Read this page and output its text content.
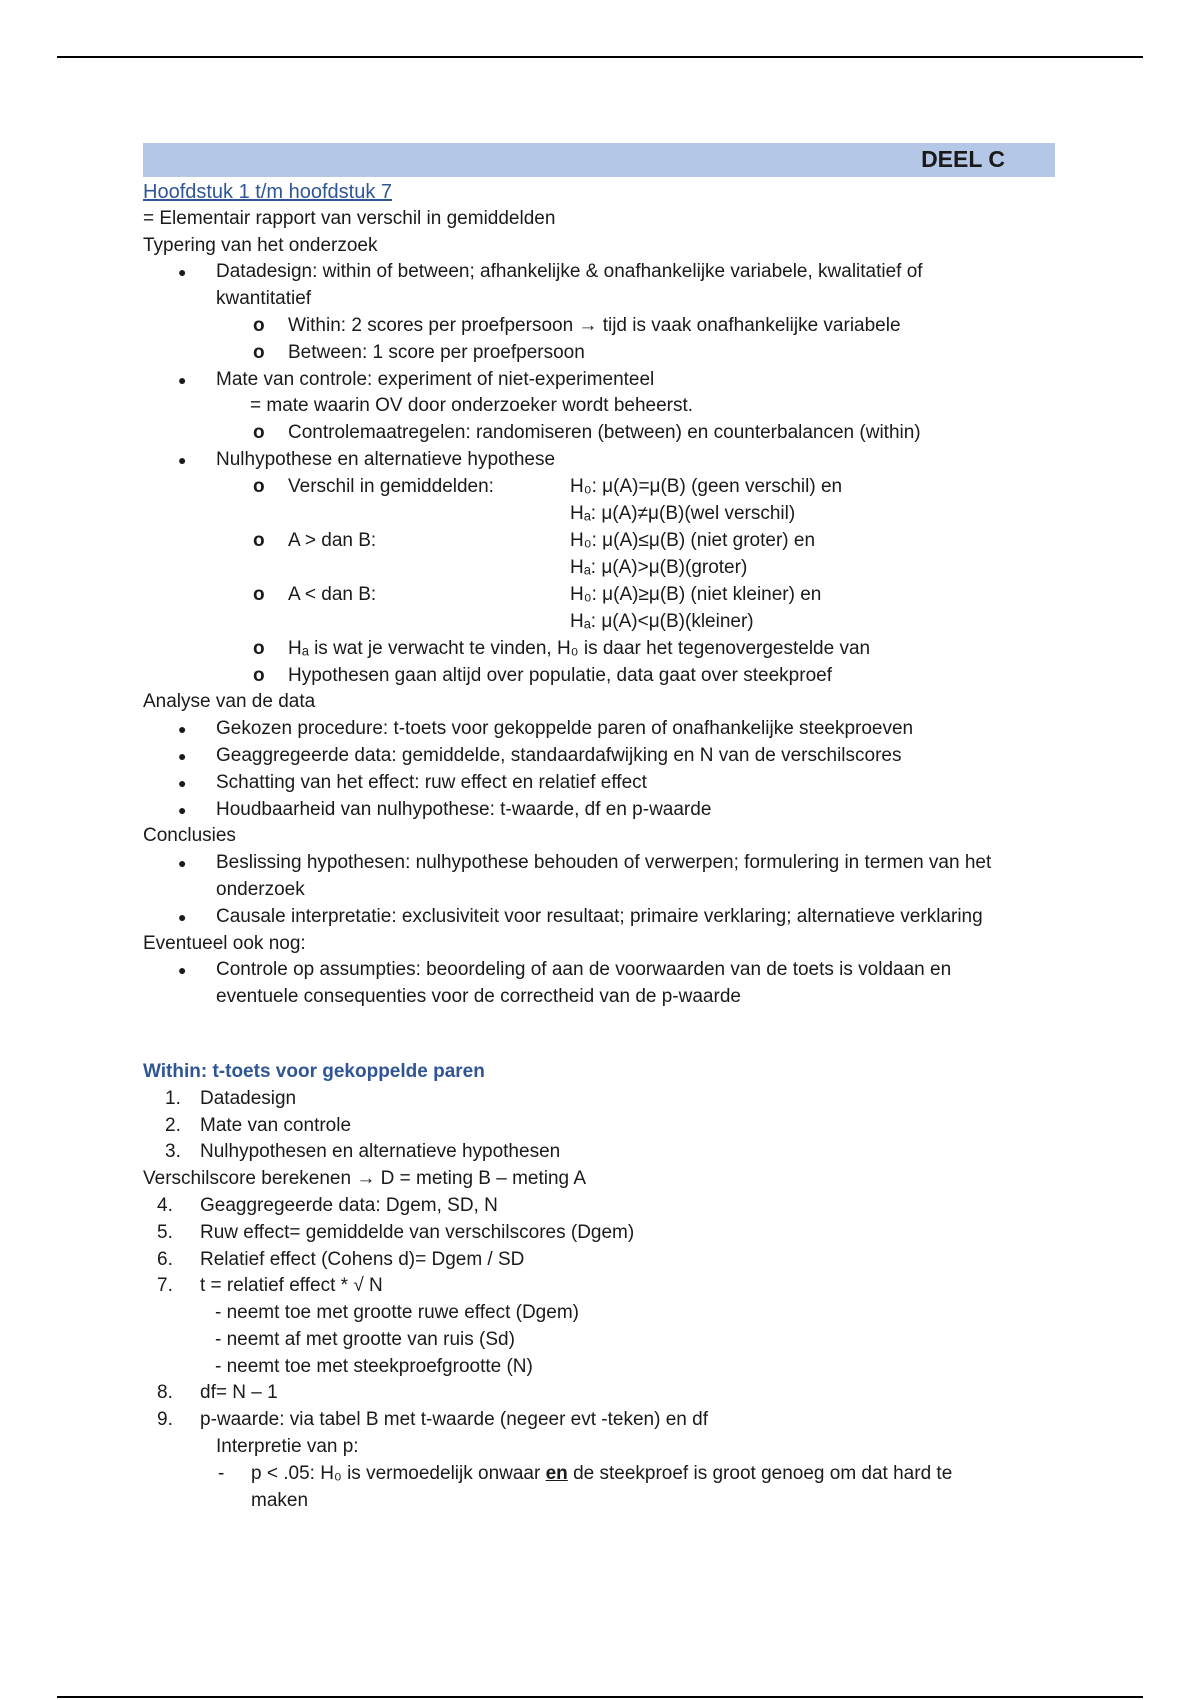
DEEL C
Hoofdstuk 1 t/m hoofdstuk 7
= Elementair rapport van verschil in gemiddelden
Typering van het onderzoek
● Datadesign: within of between; afhankelijke & onafhankelijke variabele, kwalitatief of
kwantitatief
o Within: 2 scores per proefpersoon → tijd is vaak onafhankelijke variabele
o Between: 1 score per proefpersoon
● Mate van controle: experiment of niet-experimenteel
= mate waarin OV door onderzoeker wordt beheerst.
o Controlemaatregelen: randomiseren (between) en counterbalancen (within)
● Nulhypothese en alternatieve hypothese
o Verschil in gemiddelden:	H₀: μ(A)=μ(B) (geen verschil) en
Hₐ: μ(A)≠μ(B)(wel verschil)
o A > dan B:	H₀: μ(A)≤μ(B) (niet groter) en
Hₐ: μ(A)>μ(B)(groter)
o A < dan B:	H₀: μ(A)≥μ(B) (niet kleiner) en
Hₐ: μ(A)<μ(B)(kleiner)
o Hₐ is wat je verwacht te vinden, H₀ is daar het tegenovergestelde van
o Hypothesen gaan altijd over populatie, data gaat over steekproef
Analyse van de data
● Gekozen procedure: t-toets voor gekoppelde paren of onafhankelijke steekproeven
● Geaggregeerde data: gemiddelde, standaardafwijking en N van de verschilscores
● Schatting van het effect: ruw effect en relatief effect
● Houdbaarheid van nulhypothese: t-waarde, df en p-waarde
Conclusies
● Beslissing hypothesen: nulhypothese behouden of verwerpen; formulering in termen van het
onderzoek
● Causale interpretatie: exclusiviteit voor resultaat; primaire verklaring; alternatieve verklaring
Eventueel ook nog:
● Controle op assumpties: beoordeling of aan de voorwaarden van de toets is voldaan en
eventuele consequenties voor de correctheid van de p-waarde
Within: t-toets voor gekoppelde paren
1. Datadesign
2. Mate van controle
3. Nulhypothesen en alternatieve hypothesen
Verschilscore berekenen → D = meting B – meting A
4. Geaggregeerde data: Dgem, SD, N
5. Ruw effect= gemiddelde van verschilscores (Dgem)
6. Relatief effect (Cohens d)= Dgem / SD
7. t = relatief effect * √ N
- neemt toe met grootte ruwe effect (Dgem)
- neemt af met grootte van ruis (Sd)
- neemt toe met steekproefgrootte (N)
8. df= N – 1
9. p-waarde: via tabel B met t-waarde (negeer evt -teken) en df
Interpretie van p:
- p < .05: H₀ is vermoedelijk onwaar en de steekproef is groot genoeg om dat hard te
maken
